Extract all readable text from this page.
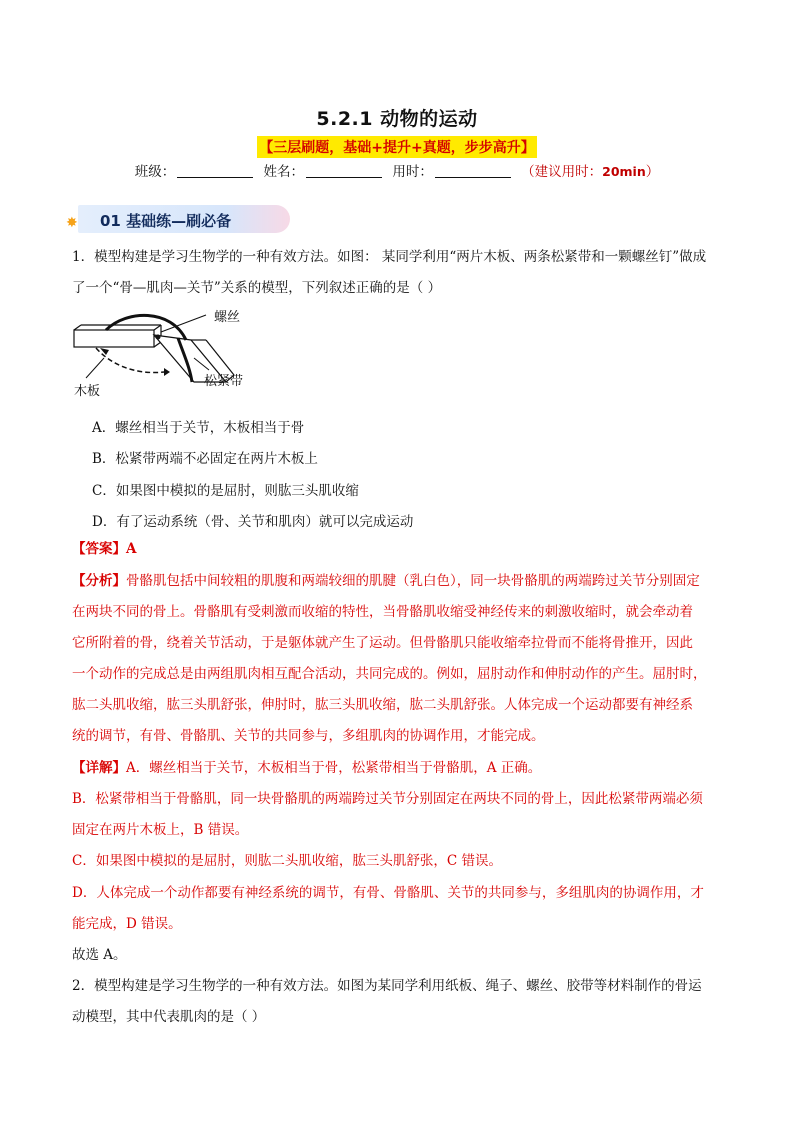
5.2.1 动物的运动
【三层刷题，基础+提升+真题，步步高升】
班级：	姓名：	用时：	（建议用时：20min）
✸ 01 基础练—刷必备
1．模型构建是学习生物学的一种有效方法。如图： 某同学利用“两片木板、两条松紧带和一颗螺丝钉”做成
了一个“骨—肌肉—关节”关系的模型，下列叙述正确的是（ ）
螺丝
木板
松紧带
A．螺丝相当于关节，木板相当于骨
B．松紧带两端不必固定在两片木板上
C．如果图中模拟的是屈肘，则肱三头肌收缩
D．有了运动系统（骨、关节和肌肉）就可以完成运动
【答案】A
【分析】骨骼肌包括中间较粗的肌腹和两端较细的肌腱（乳白色），同一块骨骼肌的两端跨过关节分别固定
在两块不同的骨上。骨骼肌有受刺激而收缩的特性，当骨骼肌收缩受神经传来的刺激收缩时，就会牵动着
它所附着的骨，绕着关节活动，于是躯体就产生了运动。但骨骼肌只能收缩牵拉骨而不能将骨推开，因此
一个动作的完成总是由两组肌肉相互配合活动，共同完成的。例如，屈肘动作和伸肘动作的产生。屈肘时，
肱二头肌收缩，肱三头肌舒张，伸肘时，肱三头肌收缩，肱二头肌舒张。人体完成一个运动都要有神经系
统的调节，有骨、骨骼肌、关节的共同参与，多组肌肉的协调作用，才能完成。
【详解】A．螺丝相当于关节，木板相当于骨，松紧带相当于骨骼肌，A 正确。
B．松紧带相当于骨骼肌，同一块骨骼肌的两端跨过关节分别固定在两块不同的骨上，因此松紧带两端必须
固定在两片木板上，B 错误。
C．如果图中模拟的是屈肘，则肱二头肌收缩，肱三头肌舒张，C 错误。
D．人体完成一个动作都要有神经系统的调节，有骨、骨骼肌、关节的共同参与，多组肌肉的协调作用，才
能完成，D 错误。
故选 A。
2．模型构建是学习生物学的一种有效方法。如图为某同学利用纸板、绳子、螺丝、胶带等材料制作的骨运
动模型，其中代表肌肉的是（ ）
